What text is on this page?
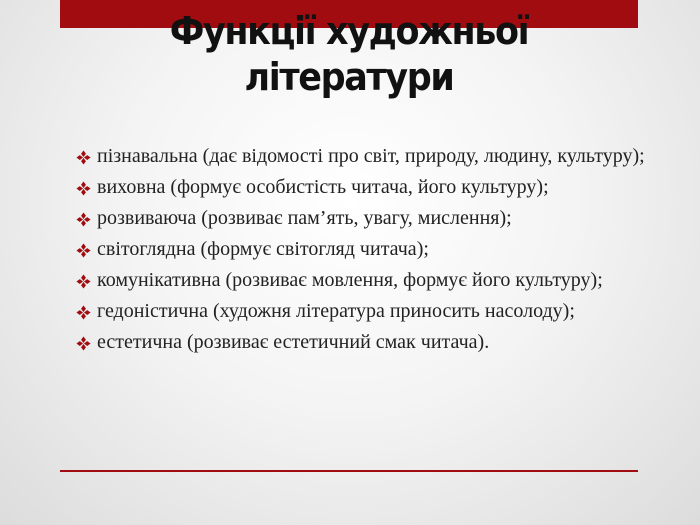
Функції художньої літератури
пізнавальна (дає відомості про світ, природу, людину, культуру);
виховна (формує особистість читача, його культуру);
розвиваюча (розвиває пам’ять, увагу, мислення);
світоглядна (формує світогляд читача);
комунікативна (розвиває мовлення, формує його культуру);
гедоністична (художня література приносить насолоду);
естетична (розвиває естетичний смак читача).
